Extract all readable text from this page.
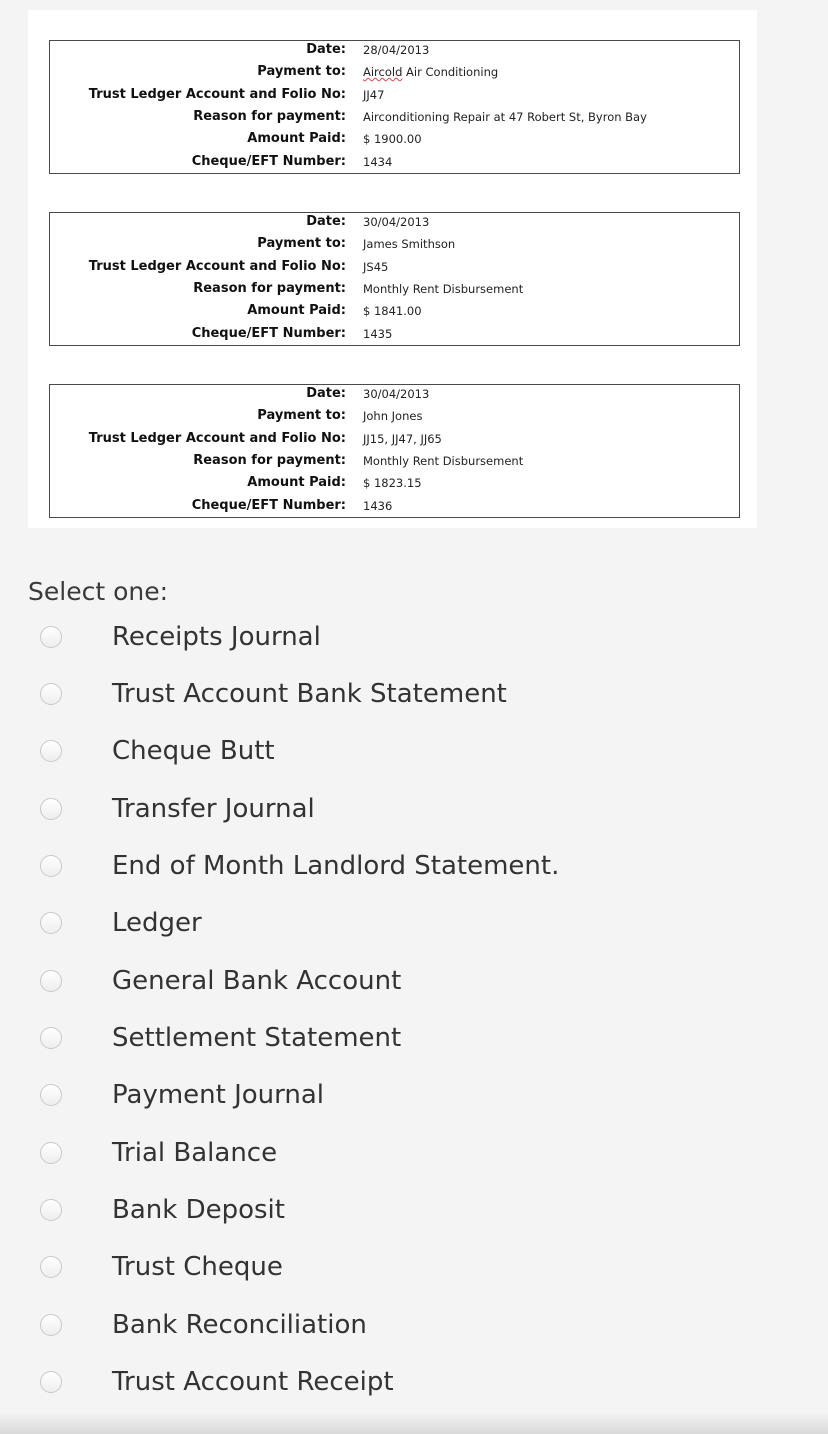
Date: 28/04/2013
Payment to: Aircold Air Conditioning
Trust Ledger Account and Folio No: JJ47
Reason for payment: Airconditioning Repair at 47 Robert St, Byron Bay
Amount Paid: $ 1900.00
Cheque/EFT Number: 1434
Date: 30/04/2013
Payment to: James Smithson
Trust Ledger Account and Folio No: JS45
Reason for payment: Monthly Rent Disbursement
Amount Paid: $ 1841.00
Cheque/EFT Number: 1435
Date: 30/04/2013
Payment to: John Jones
Trust Ledger Account and Folio No: JJ15, JJ47, JJ65
Reason for payment: Monthly Rent Disbursement
Amount Paid: $ 1823.15
Cheque/EFT Number: 1436
Select one:
Receipts Journal
Trust Account Bank Statement
Cheque Butt
Transfer Journal
End of Month Landlord Statement.
Ledger
General Bank Account
Settlement Statement
Payment Journal
Trial Balance
Bank Deposit
Trust Cheque
Bank Reconciliation
Trust Account Receipt
